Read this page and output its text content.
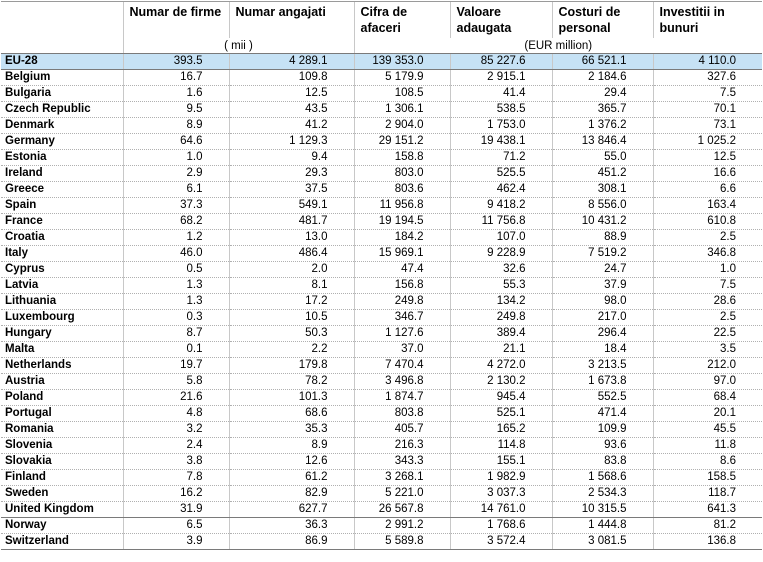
	Numar de firme	Numar angajati	Cifra de afaceri	Valoare adaugata	Costuri de personal	Investitii in bunuri
	( mii )		(EUR million)			
EU-28	393.5	4 289.1	139 353.0	85 227.6	66 521.1	4 110.0
Belgium	16.7	109.8	5 179.9	2 915.1	2 184.6	327.6
Bulgaria	1.6	12.5	108.5	41.4	29.4	7.5
Czech Republic	9.5	43.5	1 306.1	538.5	365.7	70.1
Denmark	8.9	41.2	2 904.0	1 753.0	1 376.2	73.1
Germany	64.6	1 129.3	29 151.2	19 438.1	13 846.4	1 025.2
Estonia	1.0	9.4	158.8	71.2	55.0	12.5
Ireland	2.9	29.3	803.0	525.5	451.2	16.6
Greece	6.1	37.5	803.6	462.4	308.1	6.6
Spain	37.3	549.1	11 956.8	9 418.2	8 556.0	163.4
France	68.2	481.7	19 194.5	11 756.8	10 431.2	610.8
Croatia	1.2	13.0	184.2	107.0	88.9	2.5
Italy	46.0	486.4	15 969.1	9 228.9	7 519.2	346.8
Cyprus	0.5	2.0	47.4	32.6	24.7	1.0
Latvia	1.3	8.1	156.8	55.3	37.9	7.5
Lithuania	1.3	17.2	249.8	134.2	98.0	28.6
Luxembourg	0.3	10.5	346.7	249.8	217.0	2.5
Hungary	8.7	50.3	1 127.6	389.4	296.4	22.5
Malta	0.1	2.2	37.0	21.1	18.4	3.5
Netherlands	19.7	179.8	7 470.4	4 272.0	3 213.5	212.0
Austria	5.8	78.2	3 496.8	2 130.2	1 673.8	97.0
Poland	21.6	101.3	1 874.7	945.4	552.5	68.4
Portugal	4.8	68.6	803.8	525.1	471.4	20.1
Romania	3.2	35.3	405.7	165.2	109.9	45.5
Slovenia	2.4	8.9	216.3	114.8	93.6	11.8
Slovakia	3.8	12.6	343.3	155.1	83.8	8.6
Finland	7.8	61.2	3 268.1	1 982.9	1 568.6	158.5
Sweden	16.2	82.9	5 221.0	3 037.3	2 534.3	118.7
United Kingdom	31.9	627.7	26 567.8	14 761.0	10 315.5	641.3
Norway	6.5	36.3	2 991.2	1 768.6	1 444.8	81.2
Switzerland	3.9	86.9	5 589.8	3 572.4	3 081.5	136.8
